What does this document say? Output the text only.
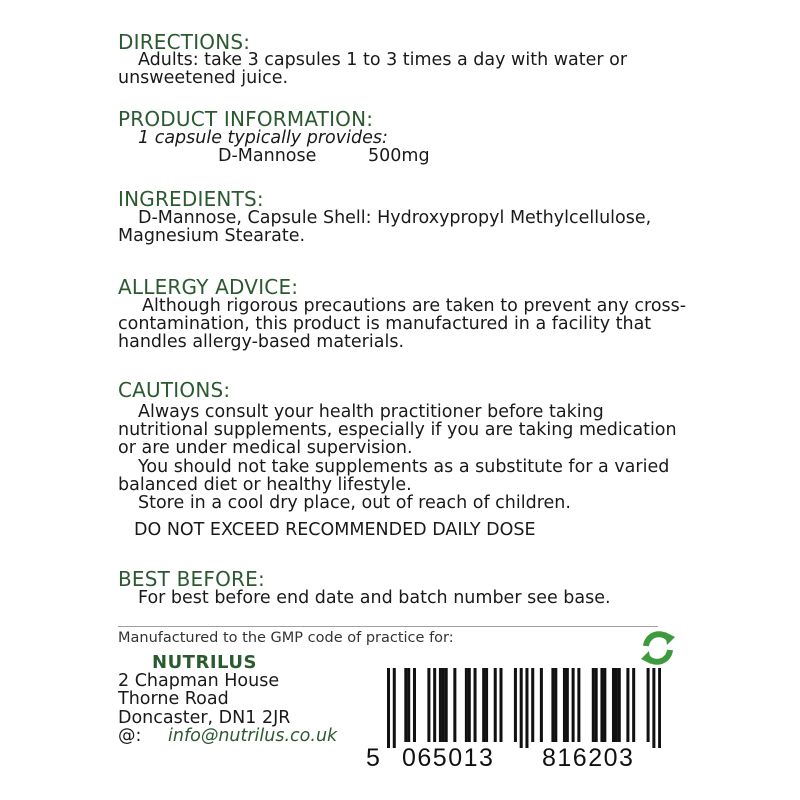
DIRECTIONS:

Adults: take 3 capsules 1 to 3 times a day with water or unsweetened juice.

PRODUCT INFORMATION:
1 capsule typically provides:
D-Mannose	500mg
INGREDIENTS:

D-Mannose, Capsule Shell: Hydroxypropyl Methylcellulose, Magnesium Stearate.

ALLERGY ADVICE:

Although rigorous precautions are taken to prevent any cross-contamination, this product is manufactured in a facility that handles allergy-based materials.

CAUTIONS:

Always consult your health practitioner before taking nutritional supplements, especially if you are taking medication or are under medical supervision.

You should not take supplements as a substitute for a varied balanced diet or healthy lifestyle.

Store in a cool dry place, out of reach of children.

DO NOT EXCEED RECOMMENDED DAILY DOSE
BEST BEFORE:

For best before end date and batch number see base.

Manufactured to the GMP code of practice for:
NUTRILUS
2 Chapman House
Thorne Road
Doncaster, DN1 2JR
@: info@nutrilus.co.uk
5 065013 816203
